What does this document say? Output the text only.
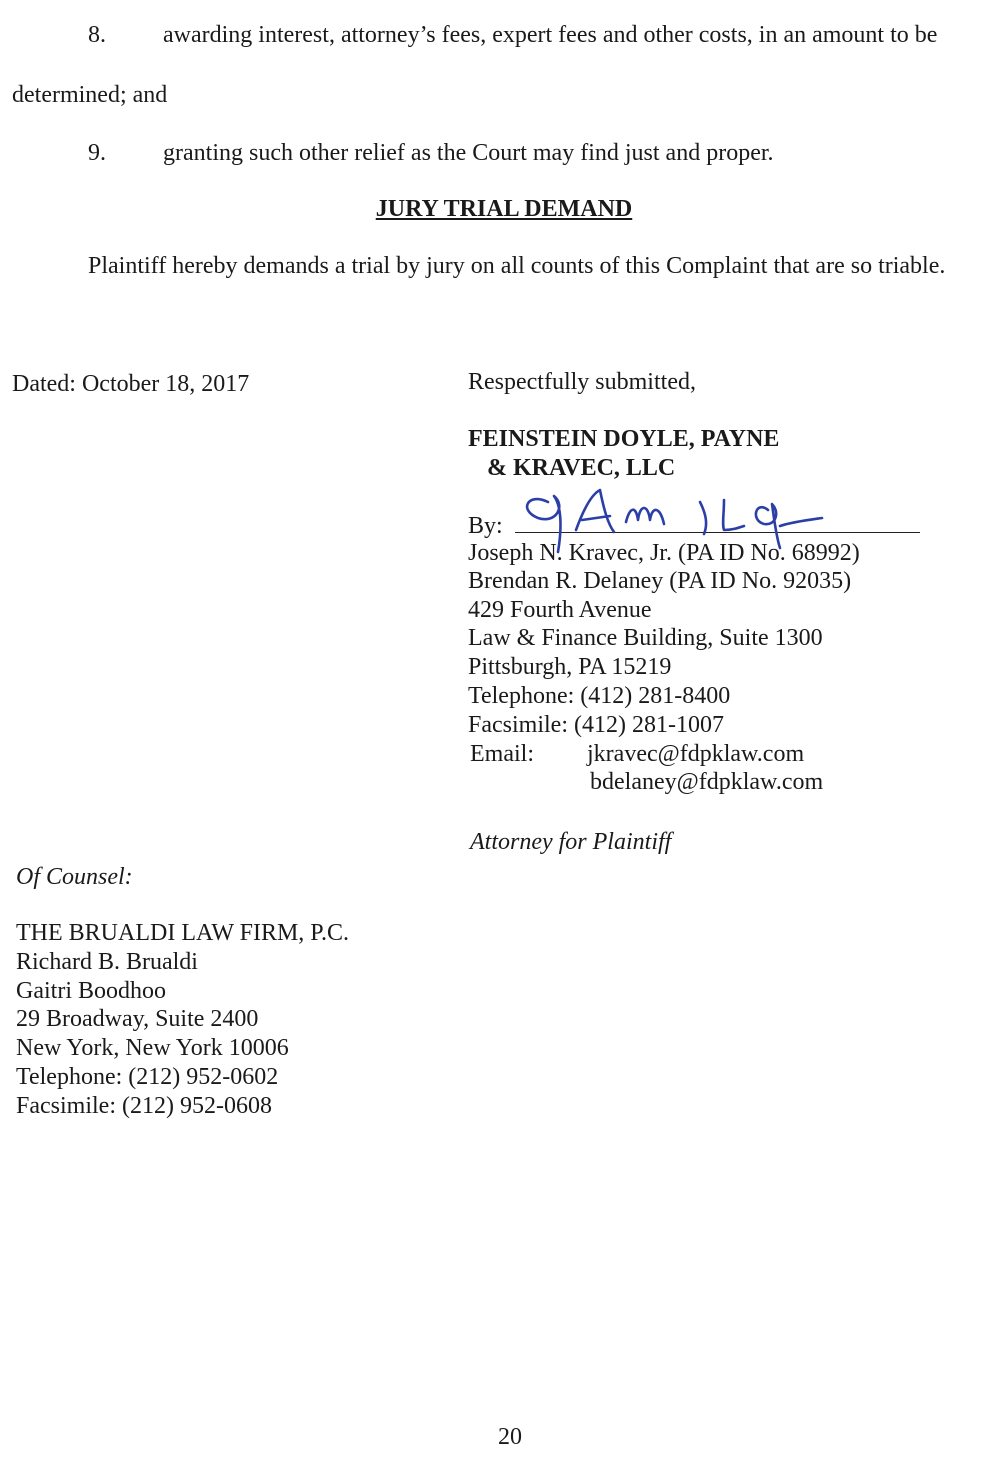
8. awarding interest, attorney’s fees, expert fees and other costs, in an amount to be
determined; and
9. granting such other relief as the Court may find just and proper.
JURY TRIAL DEMAND
Plaintiff hereby demands a trial by jury on all counts of this Complaint that are so triable.
Dated: October 18, 2017	Respectfully submitted,
FEINSTEIN DOYLE, PAYNE
& KRAVEC, LLC
By:
Joseph N. Kravec, Jr. (PA ID No. 68992)
Brendan R. Delaney (PA ID No. 92035)
429 Fourth Avenue
Law & Finance Building, Suite 1300
Pittsburgh, PA 15219
Telephone: (412) 281-8400
Facsimile: (412) 281-1007
Email: jkravec@fdpklaw.com
bdelaney@fdpklaw.com
Attorney for Plaintiff
Of Counsel:
THE BRUALDI LAW FIRM, P.C.
Richard B. Brualdi
Gaitri Boodhoo
29 Broadway, Suite 2400
New York, New York 10006
Telephone: (212) 952-0602
Facsimile: (212) 952-0608
20
